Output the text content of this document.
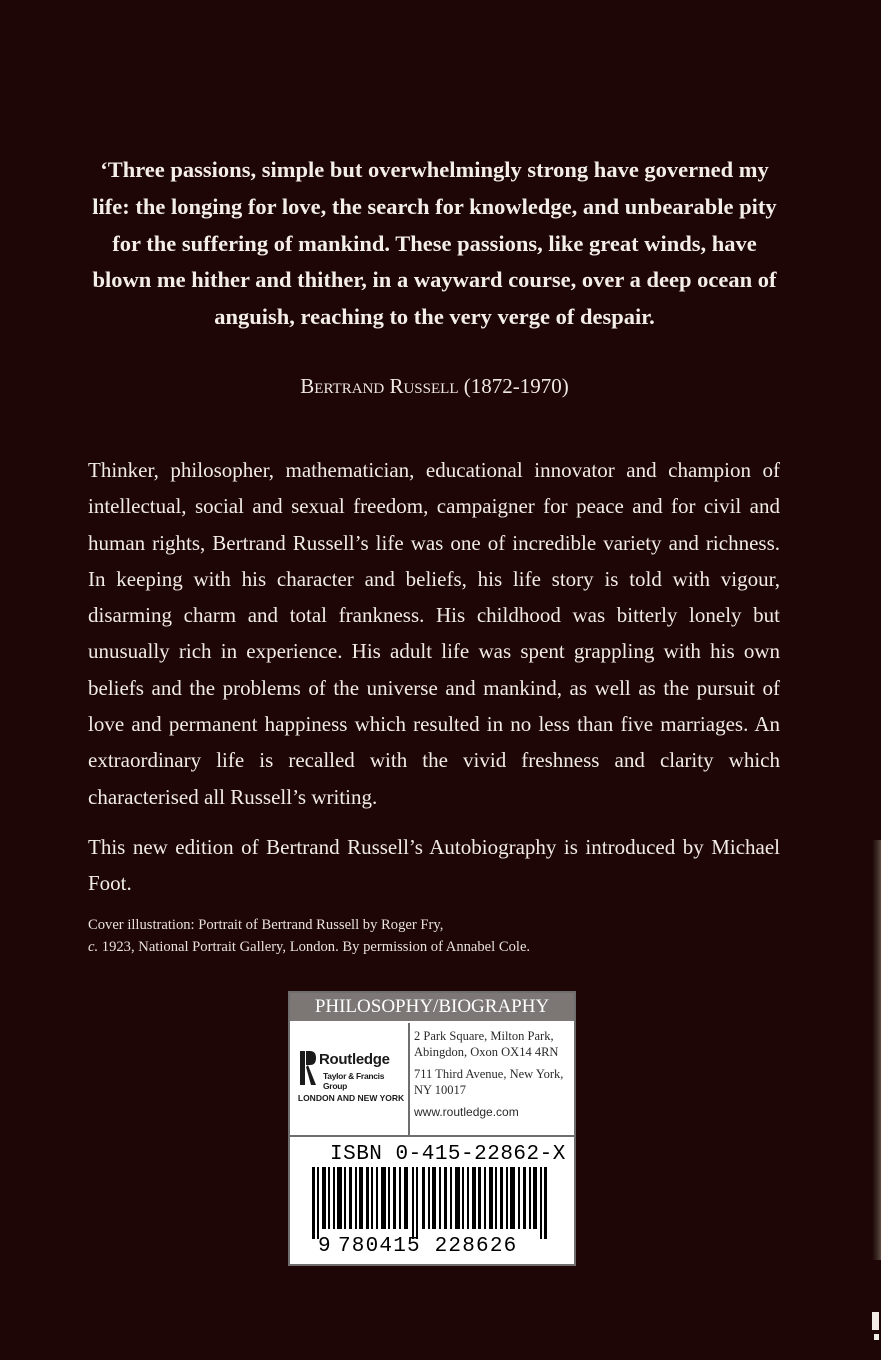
‘Three passions, simple but overwhelmingly strong have governed my

life: the longing for love, the search for knowledge, and unbearable pity

for the suffering of mankind. These passions, like great winds, have

blown me hither and thither, in a wayward course, over a deep ocean of

anguish, reaching to the very verge of despair.

Bertrand Russell (1872-1970)

Thinker, philosopher, mathematician, educational innovator and champion of intellectual, social and sexual freedom, campaigner for peace and for civil and human rights, Bertrand Russell’s life was one of incredible variety and richness. In keeping with his character and beliefs, his life story is told with vigour, disarming charm and total frankness. His childhood was bitterly lonely but unusually rich in experience. His adult life was spent grappling with his own beliefs and the problems of the universe and mankind, as well as the pursuit of love and permanent happiness which resulted in no less than five marriages. An extraordinary life is recalled with the vivid freshness and clarity which characterised all Russell’s writing.

This new edition of Bertrand Russell’s Autobiography is introduced by Michael Foot.

Cover illustration: Portrait of Bertrand Russell by Roger Fry,

c. 1923, National Portrait Gallery, London. By permission of Annabel Cole.

PHILOSOPHY/BIOGRAPHY
Routledge
Taylor & Francis Group
LONDON AND NEW YORK

2 Park Square, Milton Park,
Abingdon, Oxon OX14 4RN

711 Third Avenue, New York,
NY 10017

www.routledge.com

ISBN 0-415-22862-X
9 780415 228626
